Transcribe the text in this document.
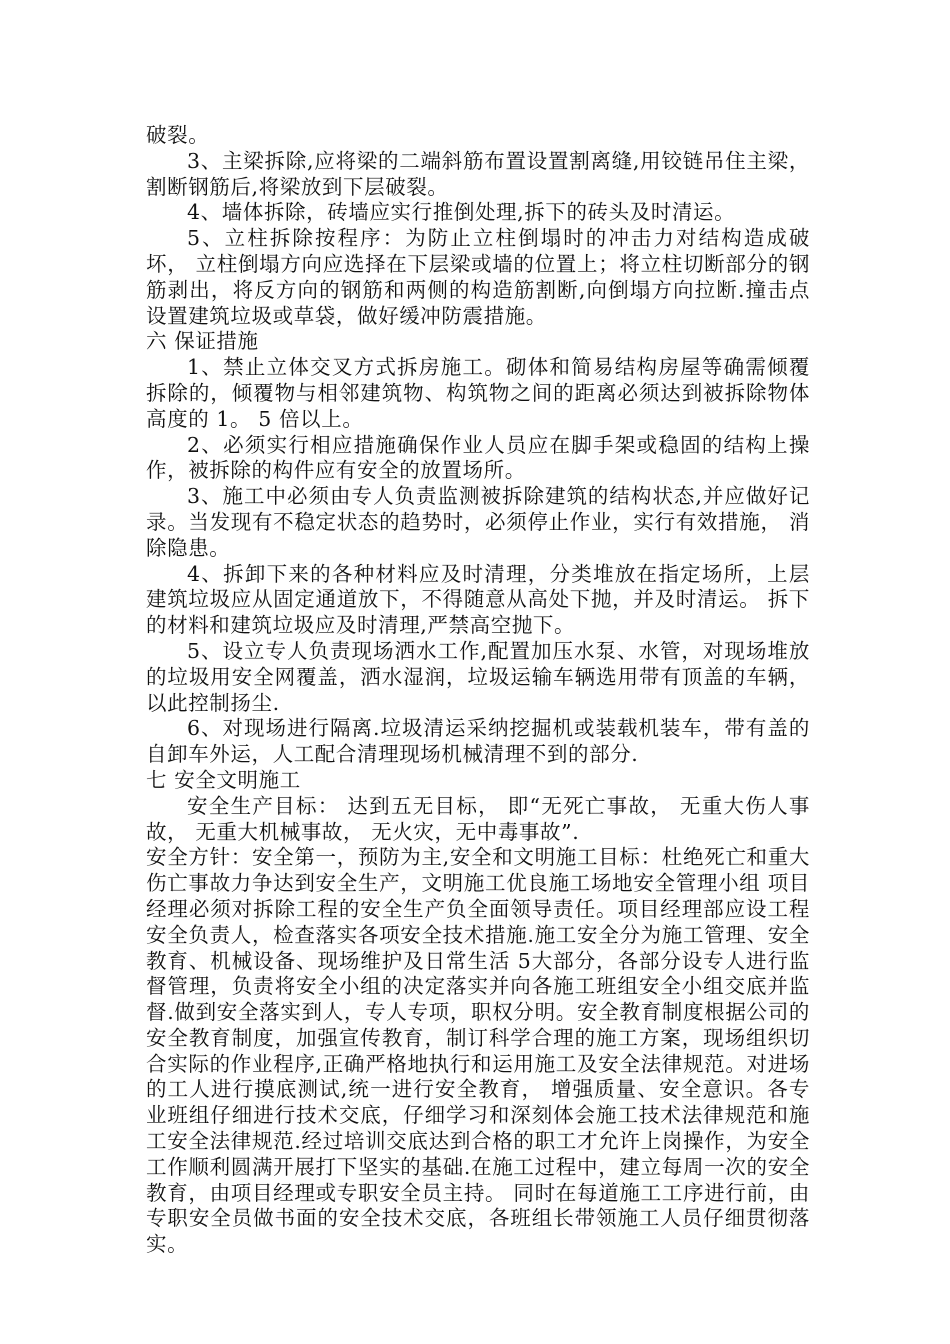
破裂。

3、主梁拆除,应将梁的二端斜筋布置设置割离缝,用铰链吊住主梁，割断钢筋后,将梁放到下层破裂。

4、墙体拆除，砖墙应实行推倒处理,拆下的砖头及时清运。

5、立柱拆除按程序：为防止立柱倒塌时的冲击力对结构造成破坏， 立柱倒塌方向应选择在下层梁或墙的位置上；将立柱切断部分的钢筋剥出，将反方向的钢筋和两侧的构造筋割断,向倒塌方向拉断.撞击点设置建筑垃圾或草袋，做好缓冲防震措施。

六 保证措施

1、禁止立体交叉方式拆房施工。砌体和简易结构房屋等确需倾覆拆除的，倾覆物与相邻建筑物、构筑物之间的距离必须达到被拆除物体高度的 1。 5 倍以上。

2、必须实行相应措施确保作业人员应在脚手架或稳固的结构上操作，被拆除的构件应有安全的放置场所。

3、施工中必须由专人负责监测被拆除建筑的结构状态,并应做好记录。当发现有不稳定状态的趋势时，必须停止作业，实行有效措施， 消除隐患。

4、拆卸下来的各种材料应及时清理，分类堆放在指定场所，上层建筑垃圾应从固定通道放下，不得随意从高处下抛，并及时清运。 拆下的材料和建筑垃圾应及时清理,严禁高空抛下。

5、设立专人负责现场洒水工作,配置加压水泵、水管，对现场堆放的垃圾用安全网覆盖，洒水湿润，垃圾运输车辆选用带有顶盖的车辆，以此控制扬尘.

6、对现场进行隔离.垃圾清运采纳挖掘机或装载机装车，带有盖的自卸车外运，人工配合清理现场机械清理不到的部分.

七 安全文明施工

安全生产目标： 达到五无目标， 即“无死亡事故， 无重大伤人事故， 无重大机械事故， 无火灾，无中毒事故”.

安全方针：安全第一，预防为主,安全和文明施工目标：杜绝死亡和重大伤亡事故力争达到安全生产，文明施工优良施工场地安全管理小组 项目经理必须对拆除工程的安全生产负全面领导责任。项目经理部应设工程安全负责人，检查落实各项安全技术措施.施工安全分为施工管理、安全教育、机械设备、现场维护及日常生活 5大部分，各部分设专人进行监督管理，负责将安全小组的决定落实并向各施工班组安全小组交底并监督.做到安全落实到人，专人专项，职权分明。安全教育制度根据公司的安全教育制度，加强宣传教育，制订科学合理的施工方案，现场组织切合实际的作业程序,正确严格地执行和运用施工及安全法律规范。对进场的工人进行摸底测试,统一进行安全教育， 增强质量、安全意识。各专业班组仔细进行技术交底，仔细学习和深刻体会施工技术法律规范和施工安全法律规范.经过培训交底达到合格的职工才允许上岗操作，为安全工作顺利圆满开展打下坚实的基础.在施工过程中，建立每周一次的安全教育，由项目经理或专职安全员主持。 同时在每道施工工序进行前，由专职安全员做书面的安全技术交底，各班组长带领施工人员仔细贯彻落实。
